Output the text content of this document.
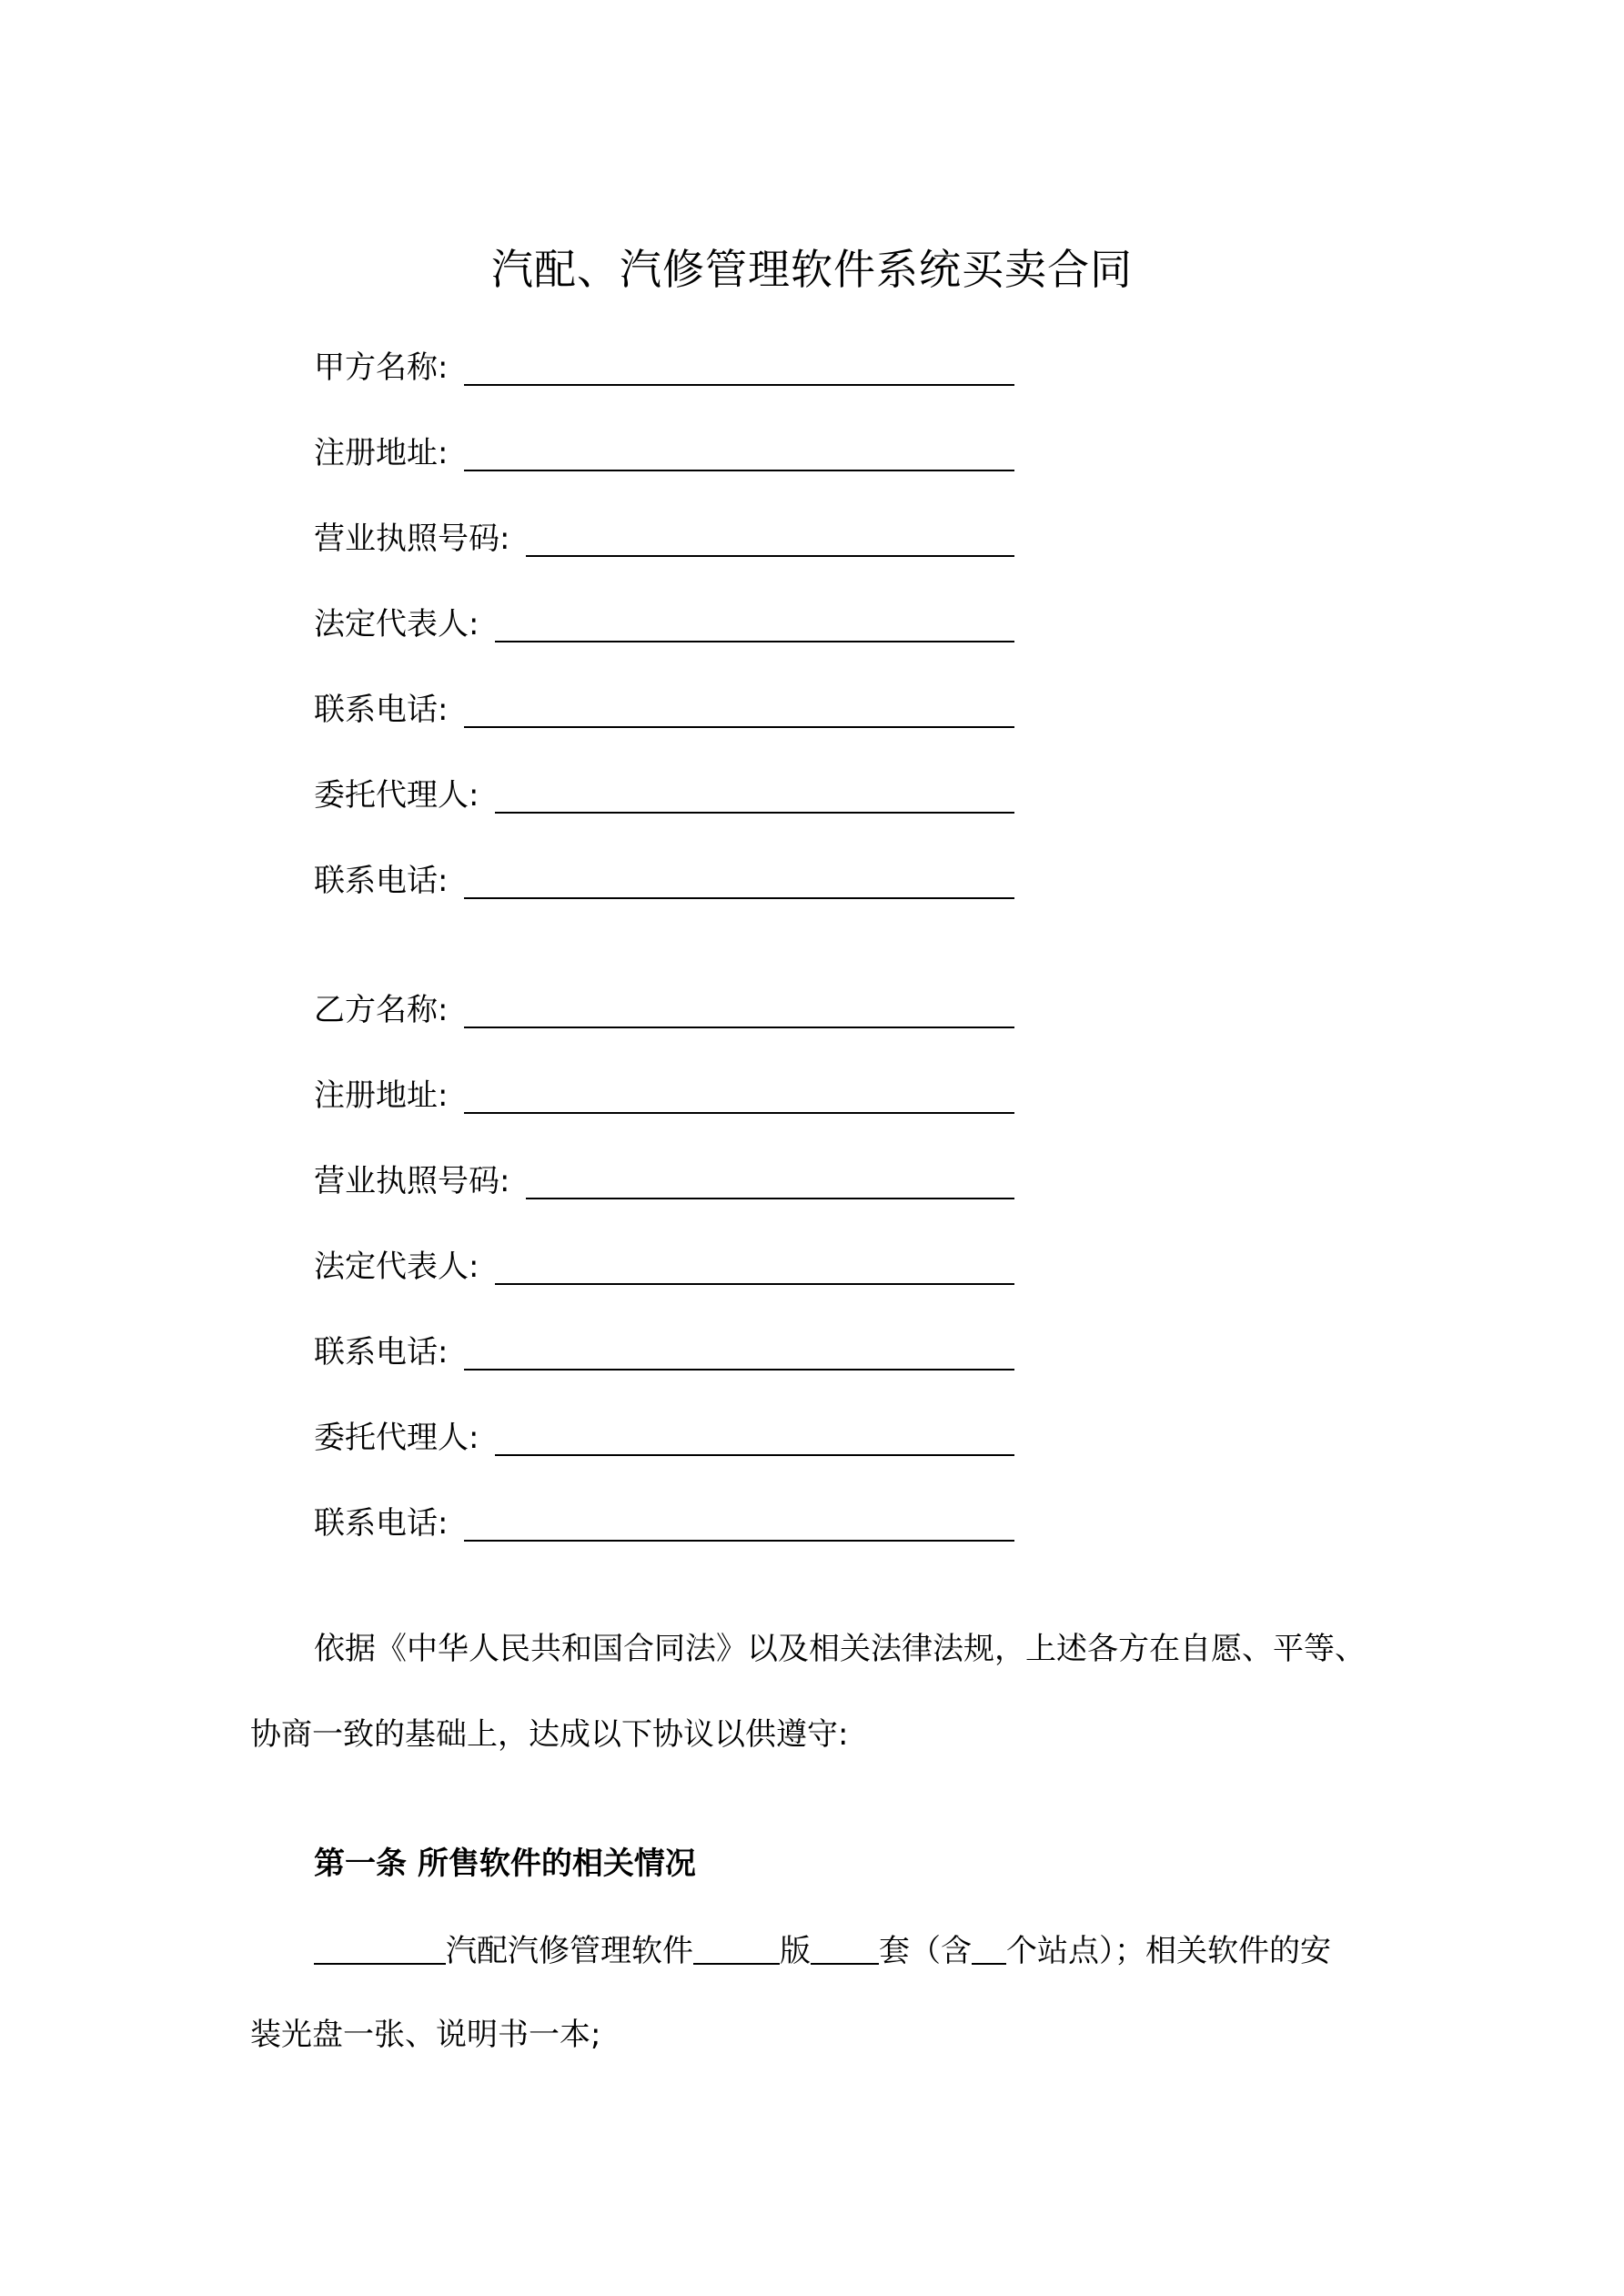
汽配、汽修管理软件系统买卖合同
甲方名称:
注册地址:
营业执照号码:
法定代表人:
联系电话:
委托代理人:
联系电话:
乙方名称:
注册地址:
营业执照号码:
法定代表人:
联系电话:
委托代理人:
联系电话:
依据《中华人民共和国合同法》以及相关法律法规，上述各方在自愿、平等、
协商一致的基础上，达成以下协议以供遵守:
第一条 所售软件的相关情况
汽配汽修管理软件	版 套（含 个站点）；相关软件的安
装光盘一张、说明书一本;
